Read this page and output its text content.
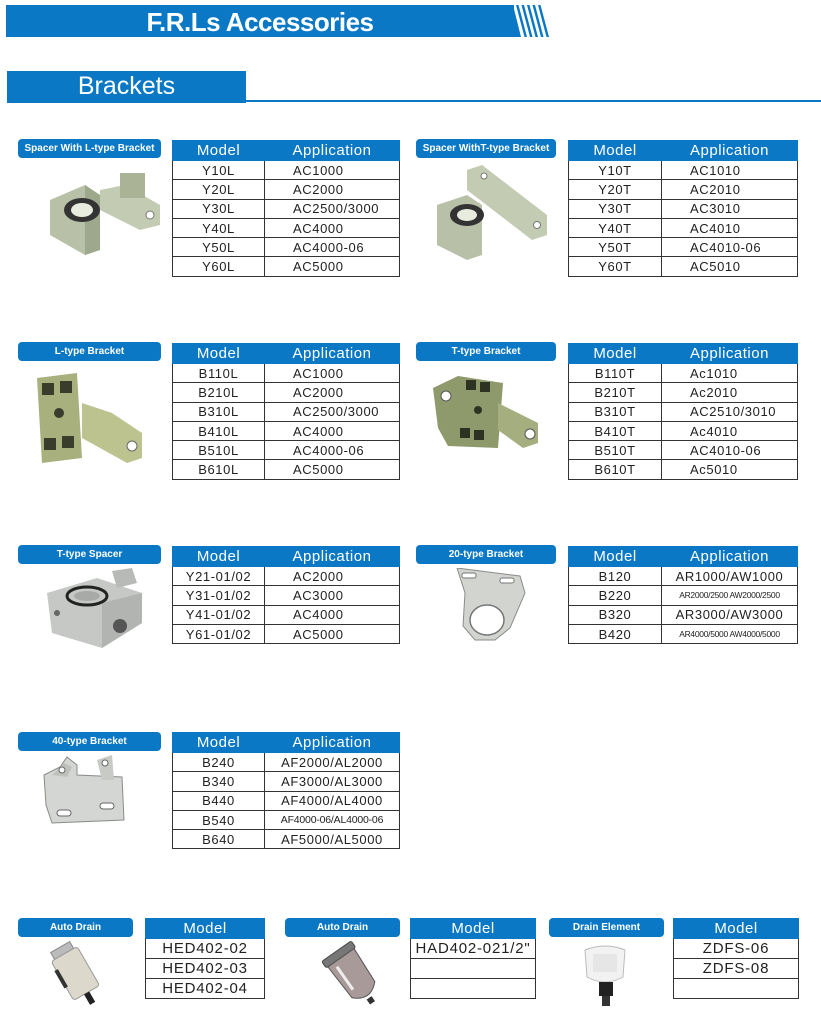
F.R.Ls Accessories
Brackets
Spacer With L-type Bracket	Model	Application
Y10L	AC1000
Y20L	AC2000
Y30L	AC2500/3000
Y40L	AC4000
Y50L	AC4000-06
Y60L	AC5000
Spacer WithT-type Bracket	Model	Application
Y10T	AC1010
Y20T	AC2010
Y30T	AC3010
Y40T	AC4010
Y50T	AC4010-06
Y60T	AC5010
L-type Bracket	Model	Application
B110L	AC1000
B210L	AC2000
B310L	AC2500/3000
B410L	AC4000
B510L	AC4000-06
B610L	AC5000
T-type Bracket	Model	Application
B110T	Ac1010
B210T	Ac2010
B310T	AC2510/3010
B410T	Ac4010
B510T	AC4010-06
B610T	Ac5010
T-type Spacer	Model	Application
Y21-01/02	AC2000
Y31-01/02	AC3000
Y41-01/02	AC4000
Y61-01/02	AC5000
20-type Bracket	Model	Application
B120	AR1000/AW1000
B220	AR2000/2500 AW2000/2500
B320	AR3000/AW3000
B420	AR4000/5000 AW4000/5000
40-type Bracket	Model	Application
B240	AF2000/AL2000
B340	AF3000/AL3000
B440	AF4000/AL4000
B540	AF4000-06/AL4000-06
B640	AF5000/AL5000
Auto Drain	Model
HED402-02
HED402-03
HED402-04
Auto Drain	Model
HAD402-021/2"

Drain Element	Model
ZDFS-06
ZDFS-08
